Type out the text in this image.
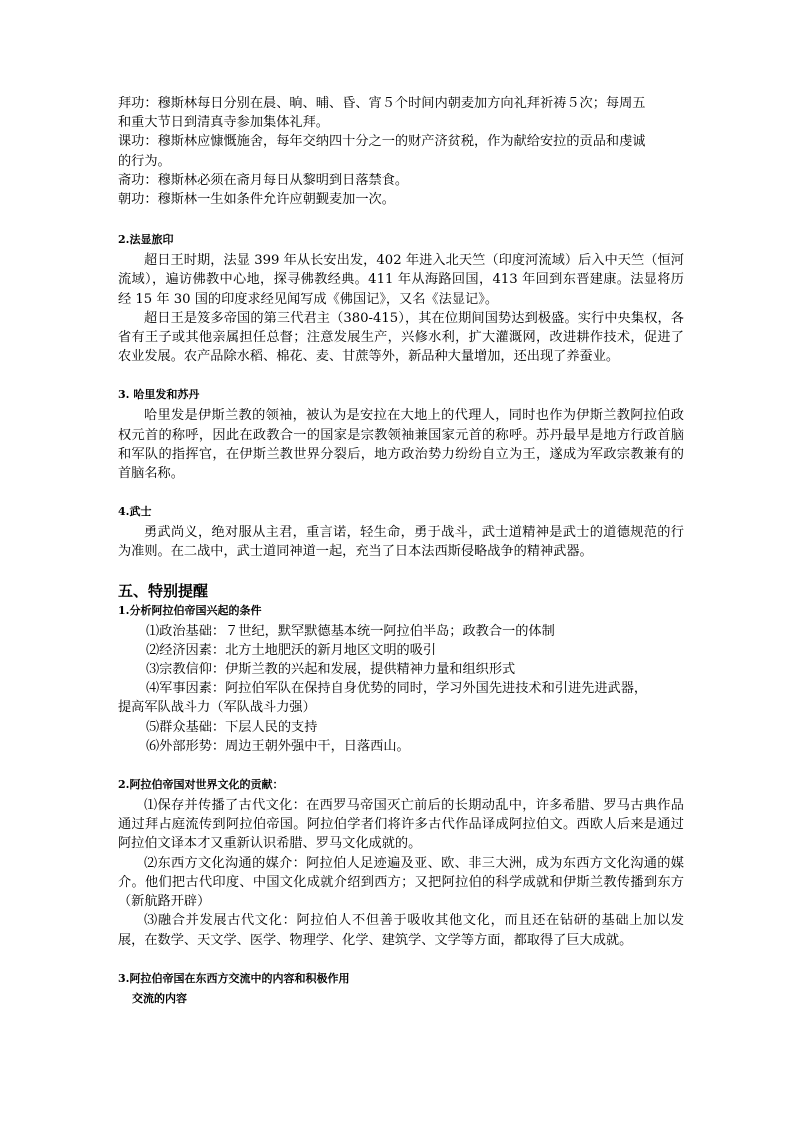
拜功：穆斯林每日分别在晨、晌、晡、昏、宵５个时间内朝麦加方向礼拜祈祷５次；每周五
和重大节日到清真寺参加集体礼拜。
课功：穆斯林应慷慨施舍，每年交纳四十分之一的财产济贫税，作为献给安拉的贡品和虔诚
的行为。
斋功：穆斯林必须在斋月每日从黎明到日落禁食。
朝功：穆斯林一生如条件允许应朝觐麦加一次。
2.法显旅印
超日王时期，法显 399 年从长安出发，402 年进入北天竺（印度河流域）后入中天竺（恒河流域），遍访佛教中心地，探寻佛教经典。411 年从海路回国，413 年回到东晋建康。法显将历经 15 年 30 国的印度求经见闻写成《佛国记》，又名《法显记》。
超日王是笈多帝国的第三代君主（380-415），其在位期间国势达到极盛。实行中央集权，各省有王子或其他亲属担任总督；注意发展生产，兴修水利，扩大灌溉网，改进耕作技术，促进了农业发展。农产品除水稻、棉花、麦、甘蔗等外，新品种大量增加，还出现了养蚕业。
3. 哈里发和苏丹
哈里发是伊斯兰教的领袖，被认为是安拉在大地上的代理人，同时也作为伊斯兰教阿拉伯政权元首的称呼，因此在政教合一的国家是宗教领袖兼国家元首的称呼。苏丹最早是地方行政首脑和军队的指挥官，在伊斯兰教世界分裂后，地方政治势力纷纷自立为王，遂成为军政宗教兼有的首脑名称。
4.武士
勇武尚义，绝对服从主君，重言诺，轻生命，勇于战斗，武士道精神是武士的道德规范的行为准则。在二战中，武士道同神道一起，充当了日本法西斯侵略战争的精神武器。
五、特别提醒
1.分析阿拉伯帝国兴起的条件
⑴政治基础：７世纪，默罕默德基本统一阿拉伯半岛；政教合一的体制
⑵经济因素：北方土地肥沃的新月地区文明的吸引
⑶宗教信仰：伊斯兰教的兴起和发展，提供精神力量和组织形式
⑷军事因素：阿拉伯军队在保持自身优势的同时，学习外国先进技术和引进先进武器，
提高军队战斗力（军队战斗力强）
⑸群众基础：下层人民的支持
⑹外部形势：周边王朝外强中干，日落西山。
2.阿拉伯帝国对世界文化的贡献：
⑴保存并传播了古代文化：在西罗马帝国灭亡前后的长期动乱中，许多希腊、罗马古典作品通过拜占庭流传到阿拉伯帝国。阿拉伯学者们将许多古代作品译成阿拉伯文。西欧人后来是通过阿拉伯文译本才又重新认识希腊、罗马文化成就的。
⑵东西方文化沟通的媒介：阿拉伯人足迹遍及亚、欧、非三大洲，成为东西方文化沟通的媒介。他们把古代印度、中国文化成就介绍到西方；又把阿拉伯的科学成就和伊斯兰教传播到东方（新航路开辟）
⑶融合并发展古代文化：阿拉伯人不但善于吸收其他文化，而且还在钻研的基础上加以发展，在数学、天文学、医学、物理学、化学、建筑学、文学等方面，都取得了巨大成就。
3.阿拉伯帝国在东西方交流中的内容和积极作用
交流的内容
